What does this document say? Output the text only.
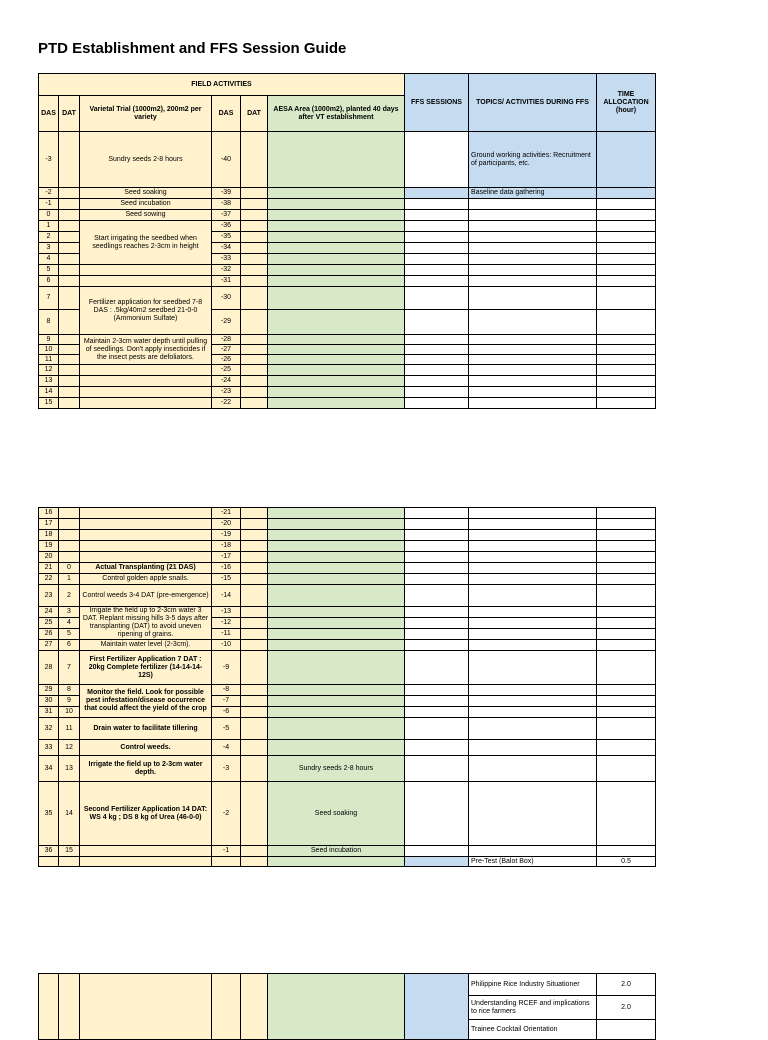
PTD Establishment and FFS Session Guide
FIELD ACTIVITIES						FFS SESSIONS	TOPICS/ ACTIVITIES DURING FFS	TIME ALLOCATION (hour)
DAS	DAT	Varietal Trial (1000m2), 200m2 per variety	DAS	DAT	AESA Area (1000m2), planted 40 days after VT establishment			
-3		Sundry seeds 2-8 hours	-40				Ground working activities: Recruitment of participants, etc.	
-2		Seed soaking	-39				Baseline data gathering	
-1		Seed incubation	-38					
0		Seed sowing	-37					
1		Start irrigating the seedbed when seedlings reaches 2-3cm in height	-36					
2			-35					
3			-34					
4			-33					
5			-32					
6			-31					
7		Fertilizer application for seedbed 7-8 DAS : .5kg/40m2 seedbed 21-0-0 (Ammonium Sulfate)	-30					
8			-29					
9		Maintain 2-3cm water depth until pulling of seedlings. Don't apply insecticides if the insect pests are defoliators.	-28					
10			-27					
11			-26					
12			-25					
13			-24					
14			-23					
15			-22					
16			-21					
17			-20					
18			-19					
19			-18					
20			-17					
21	0	Actual Transplanting (21 DAS)	-16					
22	1	Control golden apple snails.	-15					
23	2	Control weeds 3-4 DAT (pre-emergence)	-14					
24	3	Irrigate the field up to 2-3cm water 3 DAT. Replant missing hills 3-5 days after transplanting (DAT) to avoid uneven ripening of grains.	-13					
25	4		-12					
26	5		-11					
27	6	Maintain water level (2-3cm).	-10					
28	7	First Fertilizer Application 7 DAT : 20kg Complete fertilizer (14-14-14-12S)	-9					
29	8	Monitor the field. Look for possible pest infestation/disease occurrence that could affect the yield of the crop	-8					
30	9		-7					
31	10		-6					
32	11	Drain water to facilitate tillering	-5					
33	12	Control weeds.	-4					
34	13	Irrigate the field up to 2-3cm water depth.	-3		Sundry seeds 2-8 hours			
35	14	Second Fertilizer Application 14 DAT: WS 4 kg ; DS 8 kg of Urea (46-0-0)	-2		Seed soaking			
36	15		-1		Seed incubation			
							Pre-Test (Balot Box)	0.5
							Philippine Rice Industry Situationer	2.0
							Understanding RCEF and implications to rice farmers	2.0
							Trainee Cocktail Orientation	
